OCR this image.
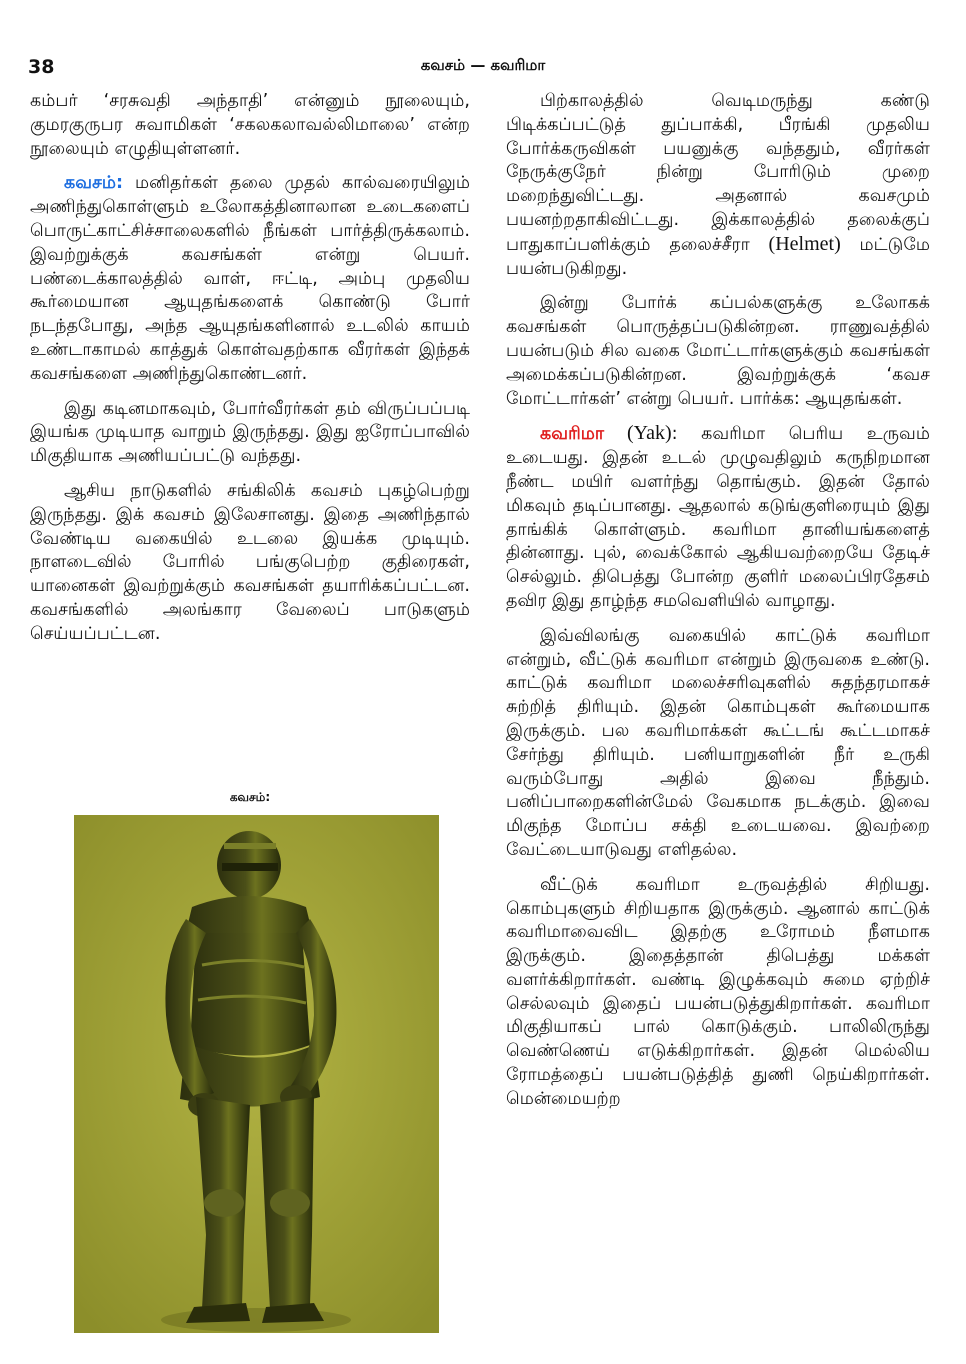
38	கவசம் — கவரிமா

கம்பர் ‘சரசுவதி அந்தாதி’ என்னும் நூலையும், குமரகுருபர சுவாமிகள் ‘சகலகலாவல்லிமாலை’ என்ற நூலையும் எழுதியுள்ளனர்.

கவசம்: மனிதர்கள் தலை முதல் கால்வரையிலும் அணிந்துகொள்ளும் உலோகத்தினாலான உடைகளைப் பொருட்காட்சிச்சாலைகளில் நீங்கள் பார்த்திருக்கலாம். இவற்றுக்குக் கவசங்கள் என்று பெயர். பண்டைக்காலத்தில் வாள், ஈட்டி, அம்பு முதலிய கூர்மையான ஆயுதங்களைக் கொண்டு போர் நடந்தபோது, அந்த ஆயுதங்களினால் உடலில் காயம் உண்டாகாமல் காத்துக் கொள்வதற்காக வீரர்கள் இந்தக் கவசங்களை அணிந்துகொண்டனர்.

இது கடினமாகவும், போர்வீரர்கள் தம் விருப்பப்படி இயங்க முடியாத வாறும் இருந்தது. இது ஐரோப்பாவில் மிகுதியாக அணியப்பட்டு வந்தது.

ஆசிய நாடுகளில் சங்கிலிக் கவசம் புகழ்பெற்று இருந்தது. இக் கவசம் இலேசானது. இதை அணிந்தால் வேண்டிய வகையில் உடலை இயக்க முடியும். நாளடைவில் போரில் பங்குபெற்ற குதிரைகள், யானைகள் இவற்றுக்கும் கவசங்கள் தயாரிக்கப்பட்டன. கவசங்களில் அலங்கார வேலைப் பாடுகளும் செய்யப்பட்டன.

கவசம்:

பிற்காலத்தில் வெடிமருந்து கண்டு பிடிக்கப்பட்டுத் துப்பாக்கி, பீரங்கி முதலிய போர்க்கருவிகள் பயனுக்கு வந்ததும், வீரர்கள் நேருக்குநேர் நின்று போரிடும் முறை மறைந்துவிட்டது. அதனால் கவசமும் பயனற்றதாகிவிட்டது. இக்காலத்தில் தலைக்குப் பாதுகாப்பளிக்கும் தலைச்சீரா (Helmet) மட்டுமே பயன்படுகிறது.

இன்று போர்க் கப்பல்களுக்கு உலோகக் கவசங்கள் பொருத்தப்படுகின்றன. ராணுவத்தில் பயன்படும் சில வகை மோட்டார்களுக்கும் கவசங்கள் அமைக்கப்படுகின்றன. இவற்றுக்குக் ‘கவச மோட்டார்கள்’ என்று பெயர். பார்க்க: ஆயுதங்கள்.

கவரிமா (Yak): கவரிமா பெரிய உருவம் உடையது. இதன் உடல் முழுவதிலும் கருநிறமான நீண்ட மயிர் வளர்ந்து தொங்கும். இதன் தோல் மிகவும் தடிப்பானது. ஆதலால் கடுங்குளிரையும் இது தாங்கிக் கொள்ளும். கவரிமா தானியங்களைத் தின்னாது. புல், வைக்கோல் ஆகியவற்றையே தேடிச் செல்லும். திபெத்து போன்ற குளிர் மலைப்பிரதேசம் தவிர இது தாழ்ந்த சமவெளியில் வாழாது.

இவ்விலங்கு வகையில் காட்டுக் கவரிமா என்றும், வீட்டுக் கவரிமா என்றும் இருவகை உண்டு. காட்டுக் கவரிமா மலைச்சரிவுகளில் சுதந்தரமாகச் சுற்றித் திரியும். இதன் கொம்புகள் கூர்மையாக இருக்கும். பல கவரிமாக்கள் கூட்டங் கூட்டமாகச் சேர்ந்து திரியும். பனியாறுகளின் நீர் உருகி வரும்போது அதில் இவை நீந்தும். பனிப்பாறைகளின்மேல் வேகமாக நடக்கும். இவை மிகுந்த மோப்ப சக்தி உடையவை. இவற்றை வேட்டையாடுவது எளிதல்ல.

வீட்டுக் கவரிமா உருவத்தில் சிறியது. கொம்புகளும் சிறியதாக இருக்கும். ஆனால் காட்டுக் கவரிமாவைவிட இதற்கு உரோமம் நீளமாக இருக்கும். இதைத்தான் திபெத்து மக்கள் வளர்க்கிறார்கள். வண்டி இழுக்கவும் சுமை ஏற்றிச் செல்லவும் இதைப் பயன்படுத்துகிறார்கள். கவரிமா மிகுதியாகப் பால் கொடுக்கும். பாலிலிருந்து வெண்ணெய் எடுக்கிறார்கள். இதன் மெல்லிய ரோமத்தைப் பயன்படுத்தித் துணி நெய்கிறார்கள். மென்மையற்ற
